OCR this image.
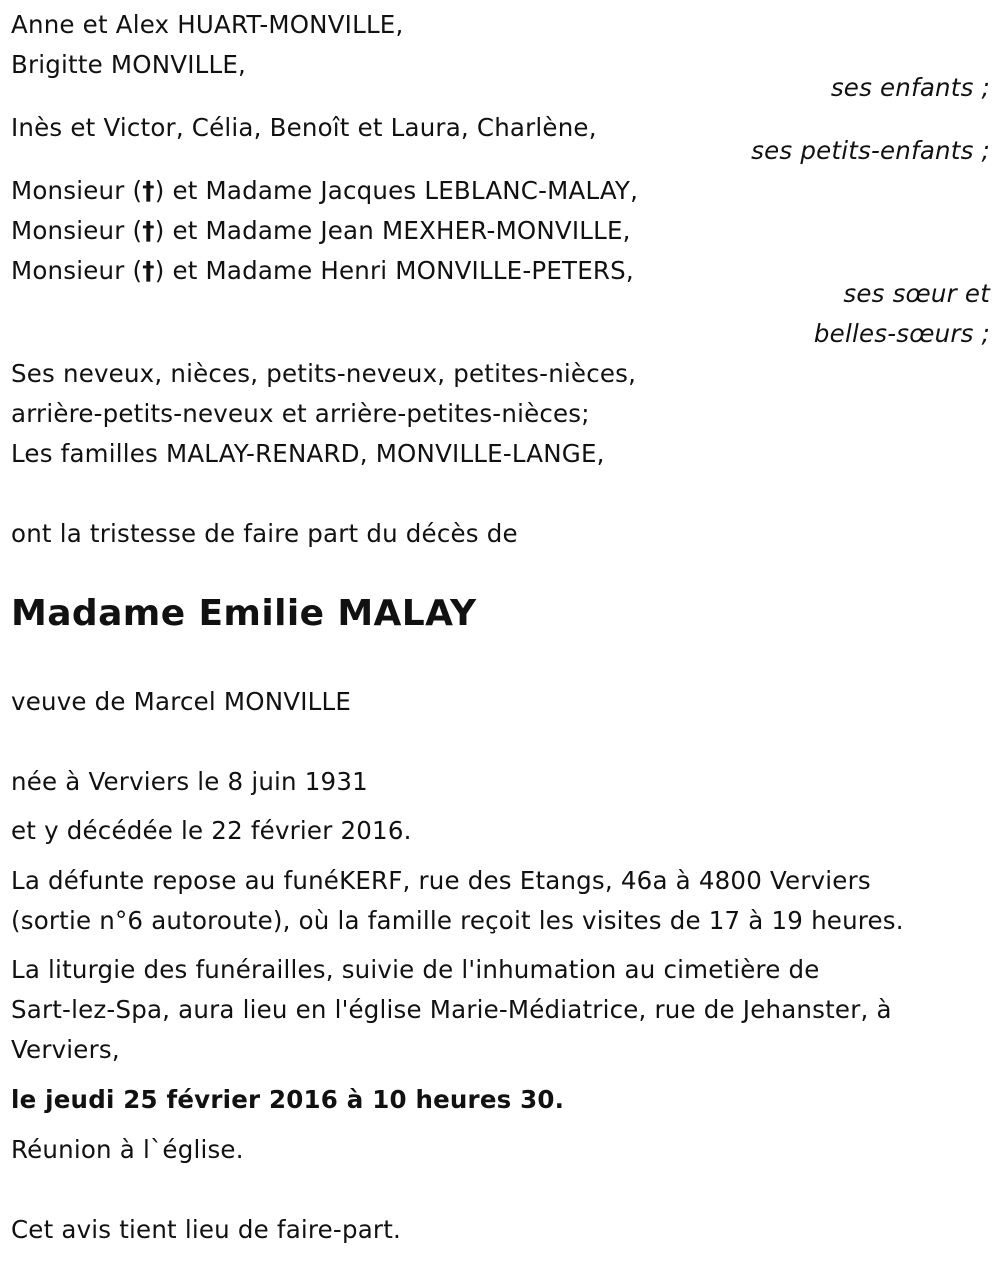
Anne et Alex HUART-MONVILLE,
Brigitte MONVILLE,
ses enfants ;
Inès et Victor, Célia, Benoît et Laura, Charlène,
ses petits-enfants ;
Monsieur (†) et Madame Jacques LEBLANC-MALAY,
Monsieur (†) et Madame Jean MEXHER-MONVILLE,
Monsieur (†) et Madame Henri MONVILLE-PETERS,
ses sœur et
belles-sœurs ;
Ses neveux, nièces, petits-neveux, petites-nièces,
arrière-petits-neveux et arrière-petites-nièces;
Les familles MALAY-RENARD, MONVILLE-LANGE,
ont la tristesse de faire part du décès de
Madame Emilie MALAY
veuve de Marcel MONVILLE
née à Verviers le 8 juin 1931
et y décédée le 22 février 2016.
La défunte repose au funéKERF, rue des Etangs, 46a à 4800 Verviers
(sortie n°6 autoroute), où la famille reçoit les visites de 17 à 19 heures.
La liturgie des funérailles, suivie de l'inhumation au cimetière de
Sart-lez-Spa, aura lieu en l'église Marie-Médiatrice, rue de Jehanster, à
Verviers,
le jeudi 25 février 2016 à 10 heures 30.
Réunion à l`église.
Cet avis tient lieu de faire-part.
